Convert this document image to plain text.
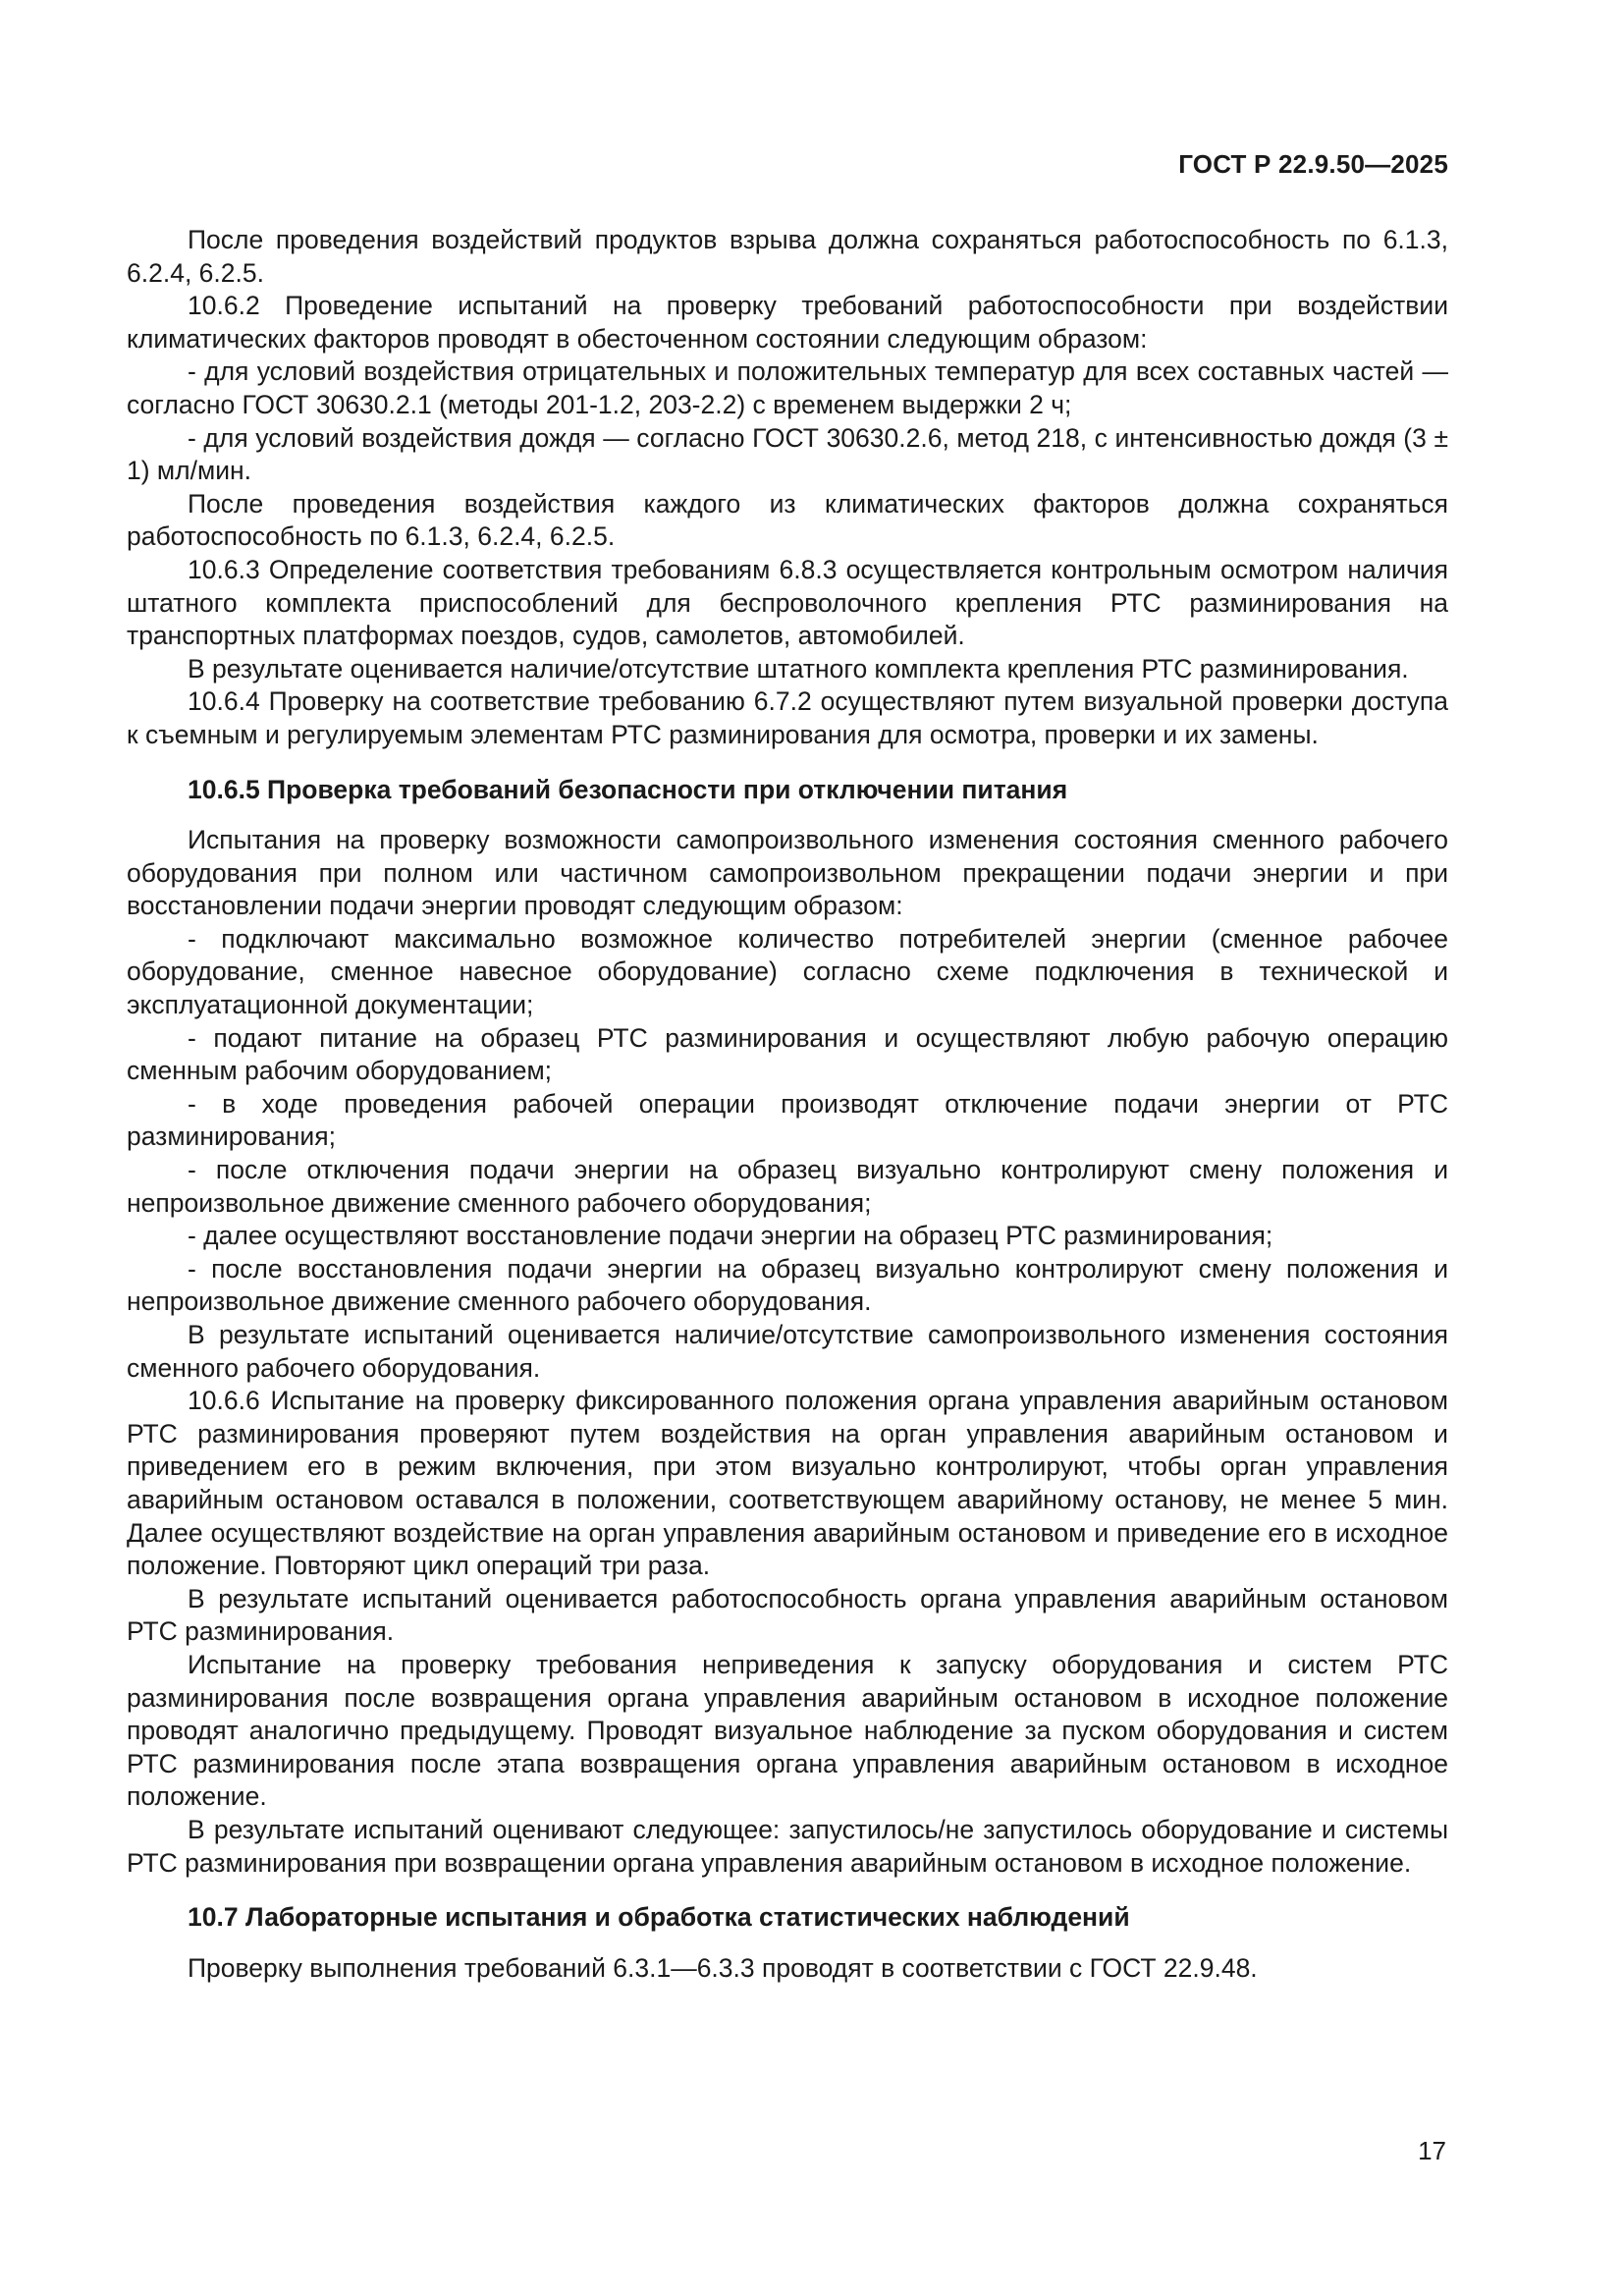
ГОСТ Р 22.9.50—2025

После проведения воздействий продуктов взрыва должна сохраняться работоспособность по 6.1.3, 6.2.4, 6.2.5.

10.6.2 Проведение испытаний на проверку требований работоспособности при воздействии климатических факторов проводят в обесточенном состоянии следующим образом:

- для условий воздействия отрицательных и положительных температур для всех составных частей — согласно ГОСТ 30630.2.1 (методы 201-1.2, 203-2.2) с временем выдержки 2 ч;

- для условий воздействия дождя — согласно ГОСТ 30630.2.6, метод 218, с интенсивностью дождя (3 ± 1) мл/мин.

После проведения воздействия каждого из климатических факторов должна сохраняться работоспособность по 6.1.3, 6.2.4, 6.2.5.

10.6.3 Определение соответствия требованиям 6.8.3 осуществляется контрольным осмотром наличия штатного комплекта приспособлений для беспроволочного крепления РТС разминирования на транспортных платформах поездов, судов, самолетов, автомобилей.

В результате оценивается наличие/отсутствие штатного комплекта крепления РТС разминирования.

10.6.4 Проверку на соответствие требованию 6.7.2 осуществляют путем визуальной проверки доступа к съемным и регулируемым элементам РТС разминирования для осмотра, проверки и их замены.

10.6.5 Проверка требований безопасности при отключении питания

Испытания на проверку возможности самопроизвольного изменения состояния сменного рабочего оборудования при полном или частичном самопроизвольном прекращении подачи энергии и при восстановлении подачи энергии проводят следующим образом:

- подключают максимально возможное количество потребителей энергии (сменное рабочее оборудование, сменное навесное оборудование) согласно схеме подключения в технической и эксплуатационной документации;

- подают питание на образец РТС разминирования и осуществляют любую рабочую операцию сменным рабочим оборудованием;

- в ходе проведения рабочей операции производят отключение подачи энергии от РТС разминирования;

- после отключения подачи энергии на образец визуально контролируют смену положения и непроизвольное движение сменного рабочего оборудования;

- далее осуществляют восстановление подачи энергии на образец РТС разминирования;

- после восстановления подачи энергии на образец визуально контролируют смену положения и непроизвольное движение сменного рабочего оборудования.

В результате испытаний оценивается наличие/отсутствие самопроизвольного изменения состояния сменного рабочего оборудования.

10.6.6 Испытание на проверку фиксированного положения органа управления аварийным остановом РТС разминирования проверяют путем воздействия на орган управления аварийным остановом и приведением его в режим включения, при этом визуально контролируют, чтобы орган управления аварийным остановом оставался в положении, соответствующем аварийному останову, не менее 5 мин. Далее осуществляют воздействие на орган управления аварийным остановом и приведение его в исходное положение. Повторяют цикл операций три раза.

В результате испытаний оценивается работоспособность органа управления аварийным остановом РТС разминирования.

Испытание на проверку требования неприведения к запуску оборудования и систем РТС разминирования после возвращения органа управления аварийным остановом в исходное положение проводят аналогично предыдущему. Проводят визуальное наблюдение за пуском оборудования и систем РТС разминирования после этапа возвращения органа управления аварийным остановом в исходное положение.

В результате испытаний оценивают следующее: запустилось/не запустилось оборудование и системы РТС разминирования при возвращении органа управления аварийным остановом в исходное положение.

10.7 Лабораторные испытания и обработка статистических наблюдений

Проверку выполнения требований 6.3.1—6.3.3 проводят в соответствии с ГОСТ 22.9.48.

17
